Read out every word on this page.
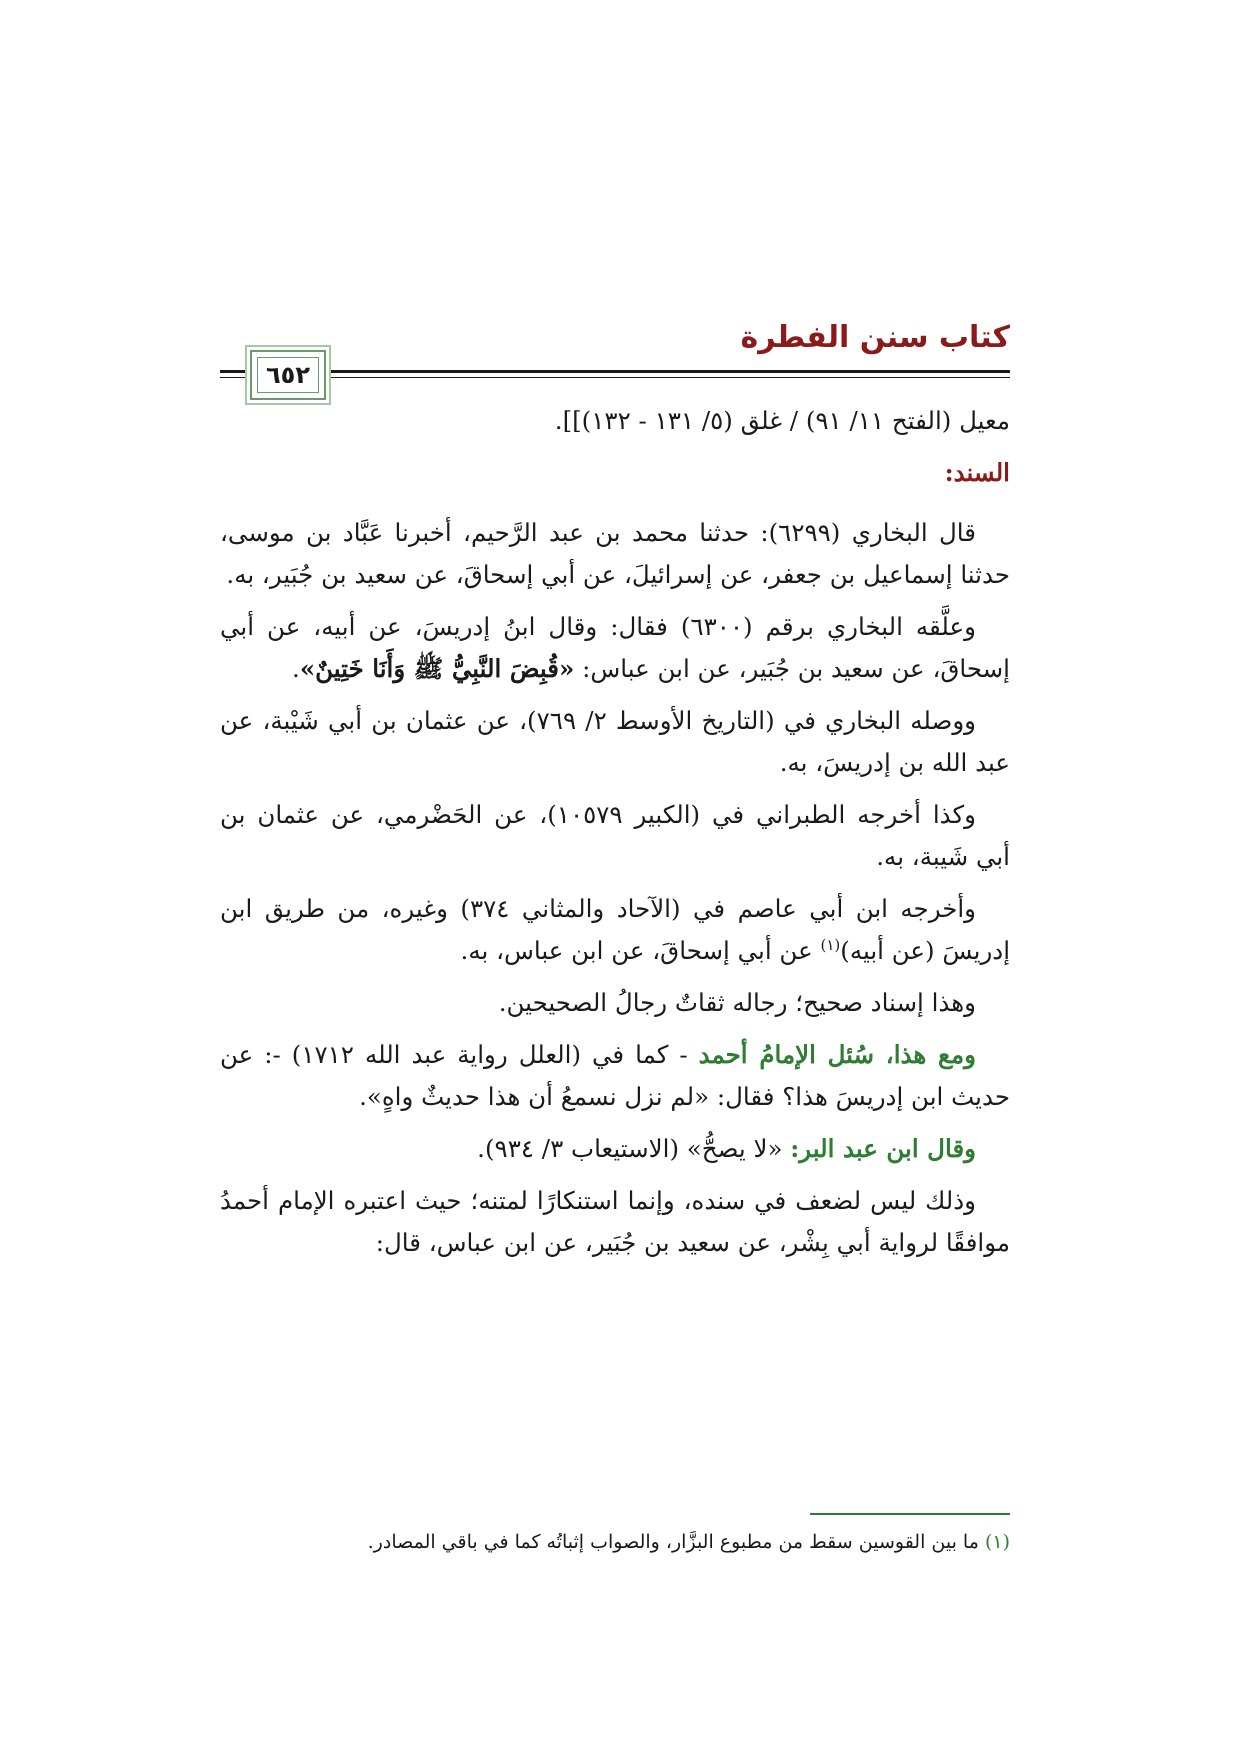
كتاب سنن الفطرة
٦٥٢

معيل (الفتح ١١/ ٩١) / غلق (٥/ ١٣١ - ١٣٢)]].

السند:

قال البخاري (٦٢٩٩): حدثنا محمد بن عبد الرَّحيم، أخبرنا عَبَّاد بن موسى، حدثنا إسماعيل بن جعفر، عن إسرائيلَ، عن أبي إسحاقَ، عن سعيد بن جُبَير، به.

وعلَّقه البخاري برقم (٦٣٠٠) فقال: وقال ابنُ إدريسَ، عن أبيه، عن أبي إسحاقَ، عن سعيد بن جُبَير، عن ابن عباس: «قُبِضَ النَّبِيُّ ﷺ وَأَنَا خَتِينٌ».

ووصله البخاري في (التاريخ الأوسط ٢/ ٧٦٩)، عن عثمان بن أبي شَيْبة، عن عبد الله بن إدريسَ، به.

وكذا أخرجه الطبراني في (الكبير ١٠٥٧٩)، عن الحَضْرمي، عن عثمان بن أبي شَيبة، به.

وأخرجه ابن أبي عاصم في (الآحاد والمثاني ٣٧٤) وغيره، من طريق ابن إدريسَ (عن أبيه)$^{(١)}$ عن أبي إسحاقَ، عن ابن عباس، به.

وهذا إسناد صحيح؛ رجاله ثقاتٌ رجالُ الصحيحين.

ومع هذا، سُئل الإمامُ أحمد - كما في (العلل رواية عبد الله ١٧١٢) -: عن حديث ابن إدريسَ هذا؟ فقال: «لم نزل نسمعُ أن هذا حديثٌ واهٍ».

وقال ابن عبد البر: «لا يصحُّ» (الاستيعاب ٣/ ٩٣٤).

وذلك ليس لضعف في سنده، وإنما استنكارًا لمتنه؛ حيث اعتبره الإمام أحمدُ موافقًا لرواية أبي بِشْر، عن سعيد بن جُبَير، عن ابن عباس، قال:

(١) ما بين القوسين سقط من مطبوع البزَّار، والصواب إثباتُه كما في باقي المصادر.
